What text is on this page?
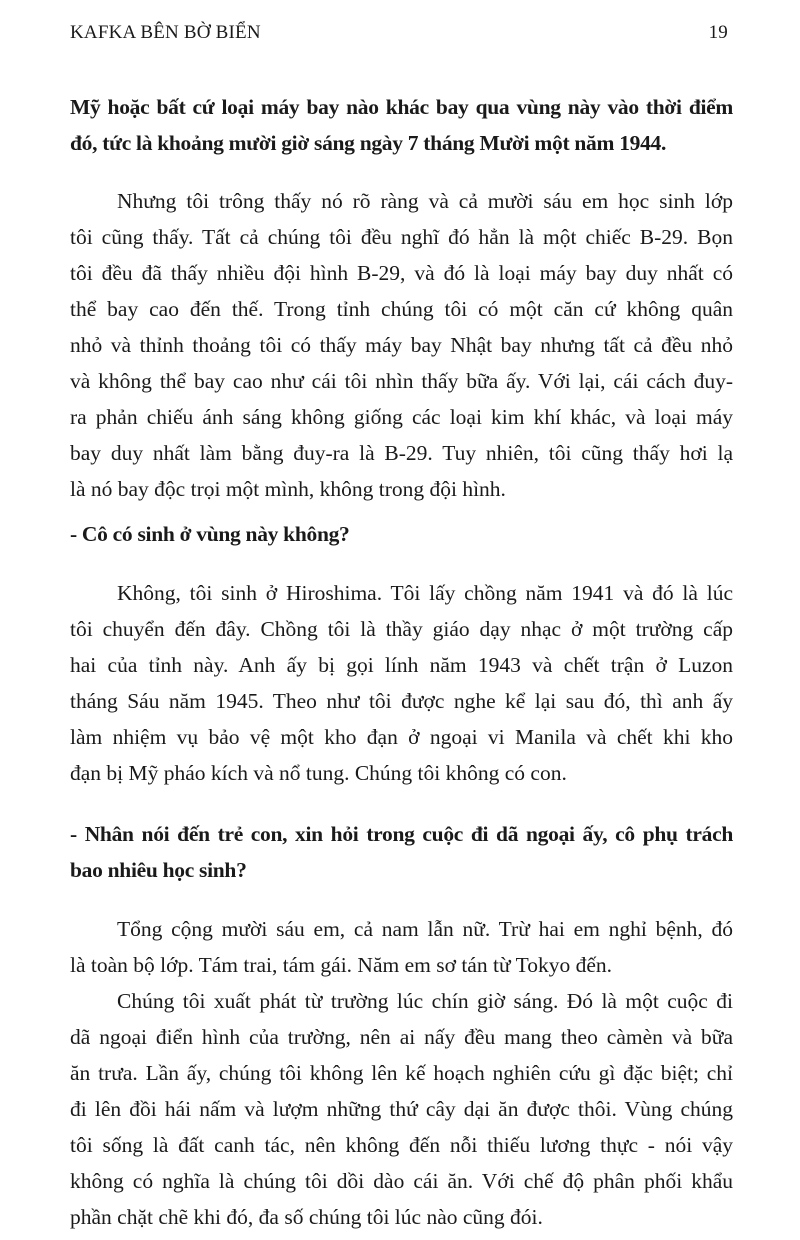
KAFKA BÊN BỜ BIỂN	19
Mỹ hoặc bất cứ loại máy bay nào khác bay qua vùng này vào thời điểm
đó, tức là khoảng mười giờ sáng ngày 7 tháng Mười một năm 1944.
Nhưng tôi trông thấy nó rõ ràng và cả mười sáu em học sinh lớp
tôi cũng thấy. Tất cả chúng tôi đều nghĩ đó hẳn là một chiếc B-29. Bọn
tôi đều đã thấy nhiều đội hình B-29, và đó là loại máy bay duy nhất có
thể bay cao đến thế. Trong tỉnh chúng tôi có một căn cứ không quân
nhỏ và thỉnh thoảng tôi có thấy máy bay Nhật bay nhưng tất cả đều nhỏ
và không thể bay cao như cái tôi nhìn thấy bữa ấy. Với lại, cái cách đuy-
ra phản chiếu ánh sáng không giống các loại kim khí khác, và loại máy
bay duy nhất làm bằng đuy-ra là B-29. Tuy nhiên, tôi cũng thấy hơi lạ
là nó bay độc trọi một mình, không trong đội hình.
- Cô có sinh ở vùng này không?
Không, tôi sinh ở Hiroshima. Tôi lấy chồng năm 1941 và đó là lúc
tôi chuyển đến đây. Chồng tôi là thầy giáo dạy nhạc ở một trường cấp
hai của tỉnh này. Anh ấy bị gọi lính năm 1943 và chết trận ở Luzon
tháng Sáu năm 1945. Theo như tôi được nghe kể lại sau đó, thì anh ấy
làm nhiệm vụ bảo vệ một kho đạn ở ngoại vi Manila và chết khi kho
đạn bị Mỹ pháo kích và nổ tung. Chúng tôi không có con.
- Nhân nói đến trẻ con, xin hỏi trong cuộc đi dã ngoại ấy, cô phụ trách
bao nhiêu học sinh?
Tổng cộng mười sáu em, cả nam lẫn nữ. Trừ hai em nghỉ bệnh, đó
là toàn bộ lớp. Tám trai, tám gái. Năm em sơ tán từ Tokyo đến.
Chúng tôi xuất phát từ trường lúc chín giờ sáng. Đó là một cuộc đi
dã ngoại điển hình của trường, nên ai nấy đều mang theo càmèn và bữa
ăn trưa. Lần ấy, chúng tôi không lên kế hoạch nghiên cứu gì đặc biệt; chỉ
đi lên đồi hái nấm và lượm những thứ cây dại ăn được thôi. Vùng chúng
tôi sống là đất canh tác, nên không đến nỗi thiếu lương thực - nói vậy
không có nghĩa là chúng tôi dồi dào cái ăn. Với chế độ phân phối khẩu
phần chặt chẽ khi đó, đa số chúng tôi lúc nào cũng đói.
